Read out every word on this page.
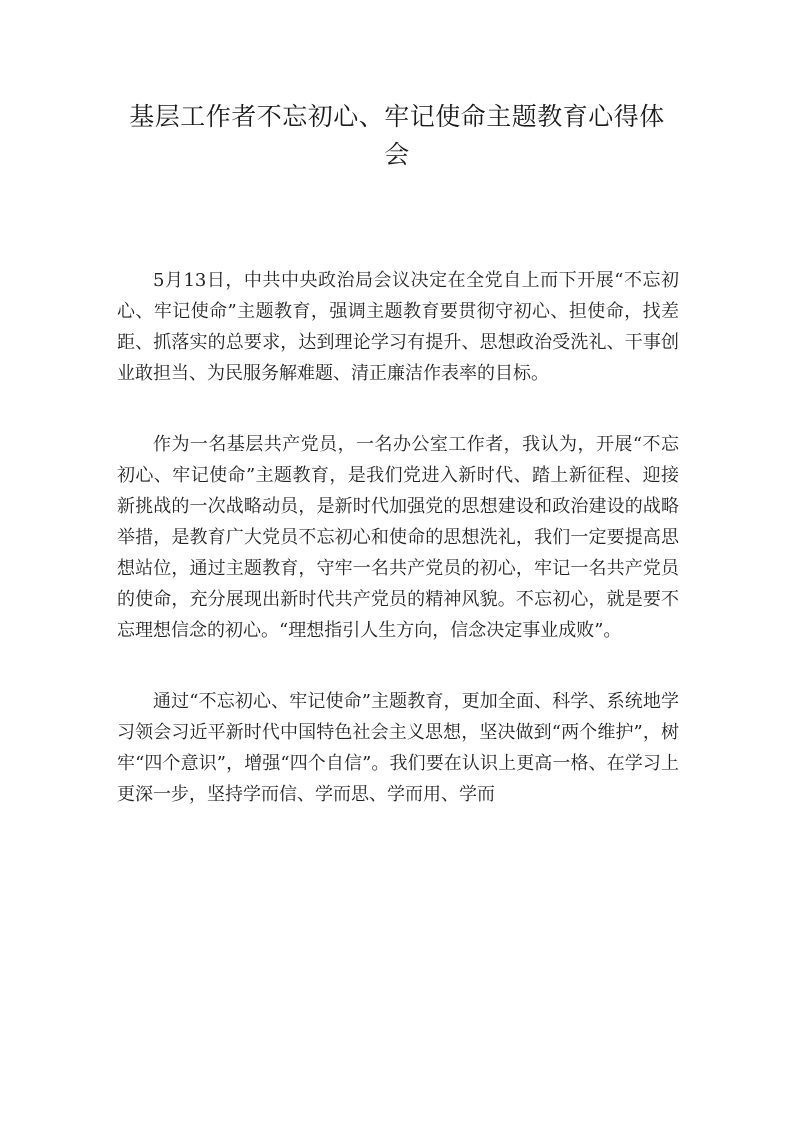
基层工作者不忘初心、牢记使命主题教育心得体会

5月13日，中共中央政治局会议决定在全党自上而下开展“不忘初心、牢记使命”主题教育，强调主题教育要贯彻守初心、担使命，找差距、抓落实的总要求，达到理论学习有提升、思想政治受洗礼、干事创业敢担当、为民服务解难题、清正廉洁作表率的目标。

作为一名基层共产党员，一名办公室工作者，我认为，开展“不忘初心、牢记使命”主题教育，是我们党进入新时代、踏上新征程、迎接新挑战的一次战略动员，是新时代加强党的思想建设和政治建设的战略举措，是教育广大党员不忘初心和使命的思想洗礼，我们一定要提高思想站位，通过主题教育，守牢一名共产党员的初心，牢记一名共产党员的使命，充分展现出新时代共产党员的精神风貌。不忘初心，就是要不忘理想信念的初心。“理想指引人生方向，信念决定事业成败”。

通过“不忘初心、牢记使命”主题教育，更加全面、科学、系统地学习领会习近平新时代中国特色社会主义思想，坚决做到“两个维护”，树牢“四个意识”，增强“四个自信”。我们要在认识上更高一格、在学习上更深一步，坚持学而信、学而思、学而用、学而
